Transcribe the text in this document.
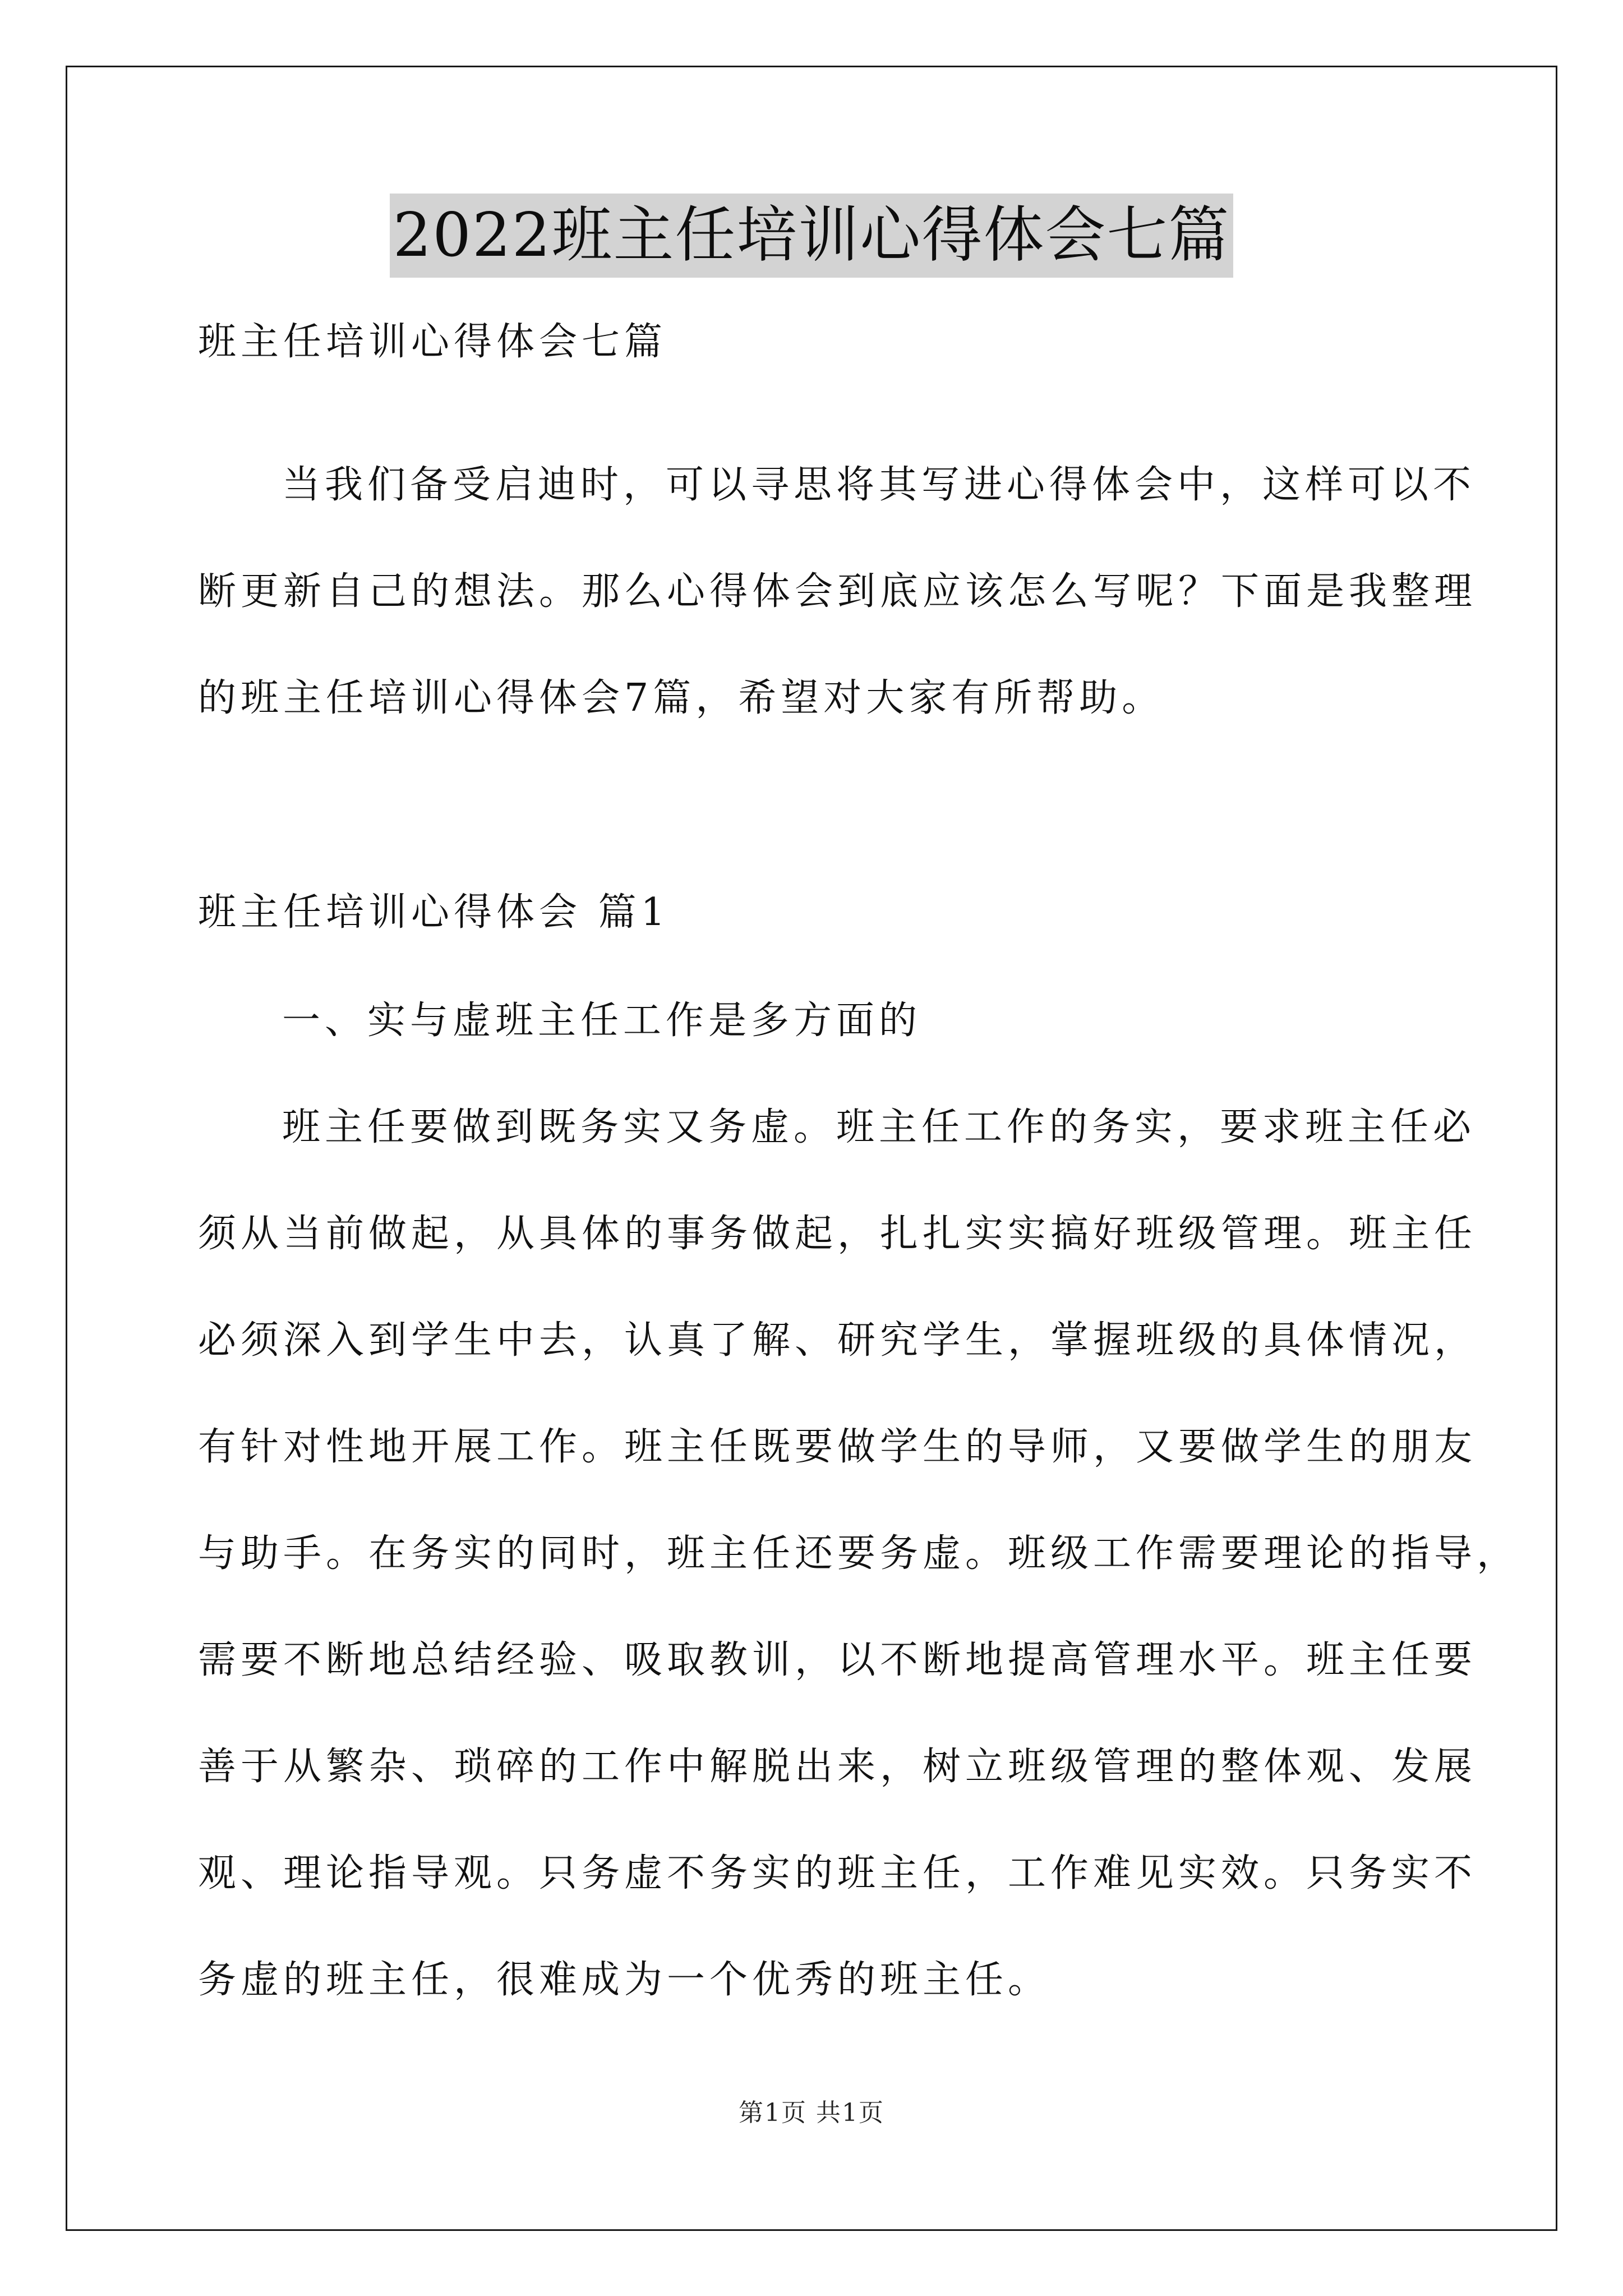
2022班主任培训心得体会七篇
班主任培训心得体会七篇
当我们备受启迪时，可以寻思将其写进心得体会中，这样可以不
断更新自己的想法。那么心得体会到底应该怎么写呢？下面是我整理
的班主任培训心得体会7篇，希望对大家有所帮助。
班主任培训心得体会 篇1
一、实与虚班主任工作是多方面的
班主任要做到既务实又务虚。班主任工作的务实，要求班主任必
须从当前做起，从具体的事务做起，扎扎实实搞好班级管理。班主任
必须深入到学生中去，认真了解、研究学生，掌握班级的具体情况，
有针对性地开展工作。班主任既要做学生的导师，又要做学生的朋友
与助手。在务实的同时，班主任还要务虚。班级工作需要理论的指导，
需要不断地总结经验、吸取教训，以不断地提高管理水平。班主任要
善于从繁杂、琐碎的工作中解脱出来，树立班级管理的整体观、发展
观、理论指导观。只务虚不务实的班主任，工作难见实效。只务实不
务虚的班主任，很难成为一个优秀的班主任。
第1页 共1页
